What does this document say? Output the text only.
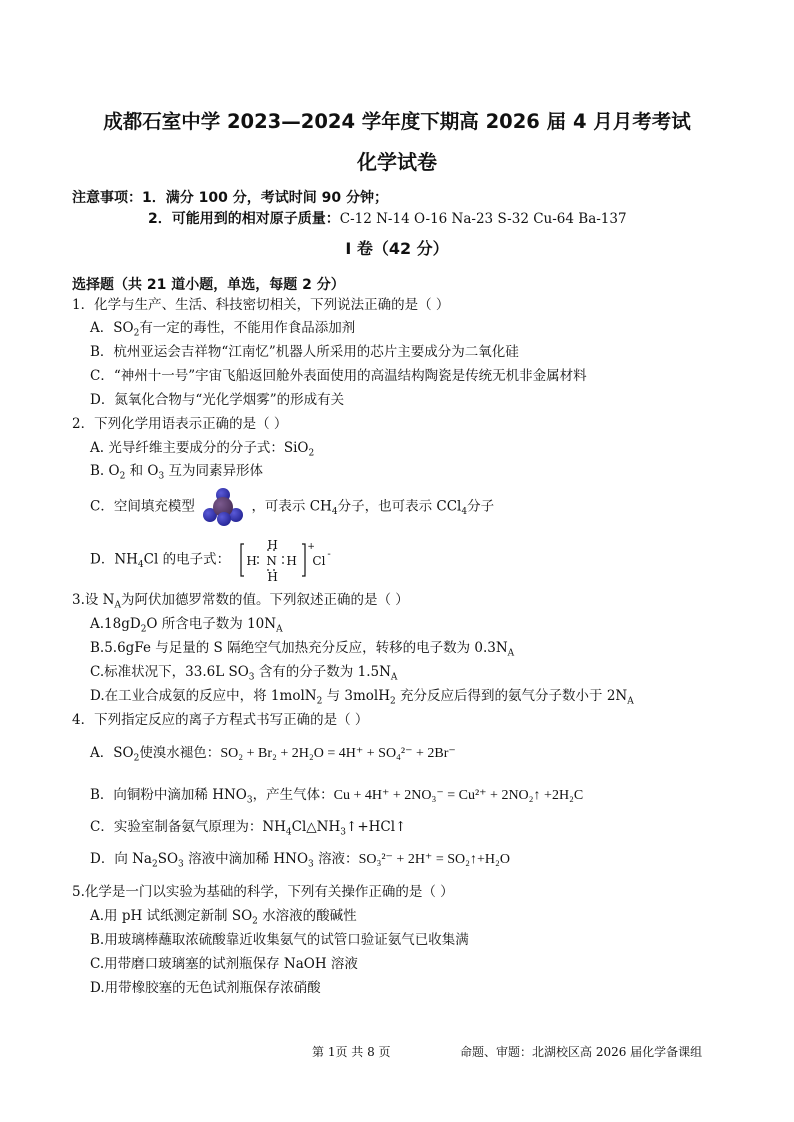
成都石室中学 2023—2024 学年度下期高 2026 届 4 月月考考试
化学试卷
注意事项：1．满分 100 分，考试时间 90 分钟；
2．可能用到的相对原子质量：C-12 N-14 O-16 Na-23 S-32 Cu-64 Ba-137
I 卷（42 分）
选择题（共 21 道小题，单选，每题 2 分）
1．化学与生产、生活、科技密切相关，下列说法正确的是（ ）
A．$SO_2$有一定的毒性，不能用作食品添加剂
B．杭州亚运会吉祥物“江南忆”机器人所采用的芯片主要成分为二氧化硅
C．“神州十一号”宇宙飞船返回舱外表面使用的高温结构陶瓷是传统无机非金属材料
D．氮氧化合物与“光化学烟雾”的形成有关
2．下列化学用语表示正确的是（ ）
A. 光导纤维主要成分的分子式：SiO$_2$
B. $O_2$ 和 $O_3$ 互为同素异形体
C．空间填充模型	，可表示 $CH_4$分子，也可表示 CCl$_4$分子
D．$NH_4Cl$ 的电子式： H N H
H
H
+
Cl -
3.设 $N_A$为阿伏加德罗常数的值。下列叙述正确的是（ ）
$A.18gD_2O$ 所含电子数为 $10N_A$
B.5.6gFe 与足量的 S 隔绝空气加热充分反应，转移的电子数为 $0.3N_A$
C.标准状况下，33.6L $SO_3$ 含有的分子数为 $1.5N_A$
D.在工业合成氨的反应中，将 1molN$_2$ 与 3molH$_2$ 充分反应后得到的氨气分子数小于 $2N_A$
4．下列指定反应的离子方程式书写正确的是（ ）
A．$SO_2$使溴水褪色：SO₂ + Br₂ + 2H₂O = 4H⁺ + SO₄²⁻ + 2Br⁻
B．向铜粉中滴加稀 $HNO_3$，产生气体：Cu + 4H⁺ + 2NO₃⁻ = Cu²⁺ + 2NO₂↑ +2H₂C
C．实验室制备氨气原理为：$NH_4Cl\triangle NH_3↑+HCl↑$
D．向 $Na_2SO_3$ 溶液中滴加稀 $HNO_3$ 溶液：SO₃²⁻ + 2H⁺ = SO₂↑+H₂O
5.化学是一门以实验为基础的科学，下列有关操作正确的是（ ）
A.用 pH 试纸测定新制 $SO_2$ 水溶液的酸碱性
B.用玻璃棒蘸取浓硫酸靠近收集氨气的试管口验证氨气已收集满
C.用带磨口玻璃塞的试剂瓶保存 NaOH 溶液
D.用带橡胶塞的无色试剂瓶保存浓硝酸
第 1页 共 8 页	命题、审题：北湖校区高 2026 届化学备课组
